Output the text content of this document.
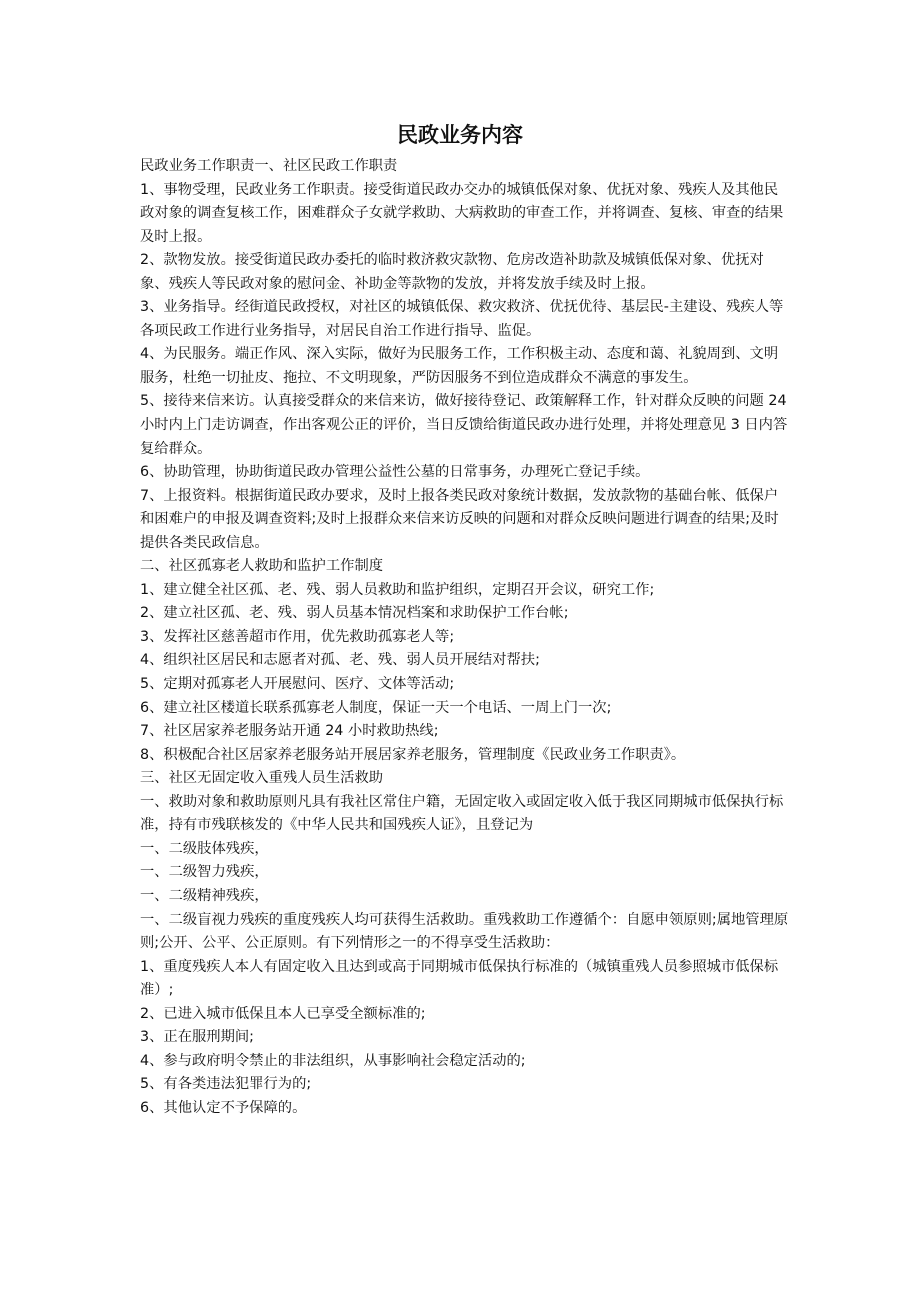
民政业务内容

民政业务工作职责一、社区民政工作职责

1、事物受理，民政业务工作职责。接受街道民政办交办的城镇低保对象、优抚对象、残疾人及其他民政对象的调查复核工作，困难群众子女就学救助、大病救助的审查工作，并将调查、复核、审查的结果及时上报。

2、款物发放。接受街道民政办委托的临时救济救灾款物、危房改造补助款及城镇低保对象、优抚对象、残疾人等民政对象的慰问金、补助金等款物的发放，并将发放手续及时上报。

3、业务指导。经街道民政授权，对社区的城镇低保、救灾救济、优抚优待、基层民-主建设、残疾人等各项民政工作进行业务指导，对居民自治工作进行指导、监促。

4、为民服务。端正作风、深入实际，做好为民服务工作，工作积极主动、态度和蔼、礼貌周到、文明服务，杜绝一切扯皮、拖拉、不文明现象，严防因服务不到位造成群众不满意的事发生。

5、接待来信来访。认真接受群众的来信来访，做好接待登记、政策解释工作，针对群众反映的问题 24 小时内上门走访调查，作出客观公正的评价，当日反馈给街道民政办进行处理，并将处理意见 3 日内答复给群众。

6、协助管理，协助街道民政办管理公益性公墓的日常事务，办理死亡登记手续。

7、上报资料。根据街道民政办要求，及时上报各类民政对象统计数据，发放款物的基础台帐、低保户和困难户的申报及调查资料;及时上报群众来信来访反映的问题和对群众反映问题进行调查的结果;及时提供各类民政信息。

二、社区孤寡老人救助和监护工作制度

1、建立健全社区孤、老、残、弱人员救助和监护组织，定期召开会议，研究工作;

2、建立社区孤、老、残、弱人员基本情况档案和求助保护工作台帐;

3、发挥社区慈善超市作用，优先救助孤寡老人等;

4、组织社区居民和志愿者对孤、老、残、弱人员开展结对帮扶;

5、定期对孤寡老人开展慰问、医疗、文体等活动;

6、建立社区楼道长联系孤寡老人制度，保证一天一个电话、一周上门一次;

7、社区居家养老服务站开通 24 小时救助热线;

8、积极配合社区居家养老服务站开展居家养老服务，管理制度《民政业务工作职责》。

三、社区无固定收入重残人员生活救助

一、救助对象和救助原则凡具有我社区常住户籍，无固定收入或固定收入低于我区同期城市低保执行标准，持有市残联核发的《中华人民共和国残疾人证》，且登记为

一、二级肢体残疾，

一、二级智力残疾，

一、二级精神残疾，

一、二级盲视力残疾的重度残疾人均可获得生活救助。重残救助工作遵循个：自愿申领原则;属地管理原则;公开、公平、公正原则。有下列情形之一的不得享受生活救助：

1、重度残疾人本人有固定收入且达到或高于同期城市低保执行标准的（城镇重残人员参照城市低保标准）;

2、已进入城市低保且本人已享受全额标准的;

3、正在服刑期间;

4、参与政府明令禁止的非法组织，从事影响社会稳定活动的;

5、有各类违法犯罪行为的;

6、其他认定不予保障的。
